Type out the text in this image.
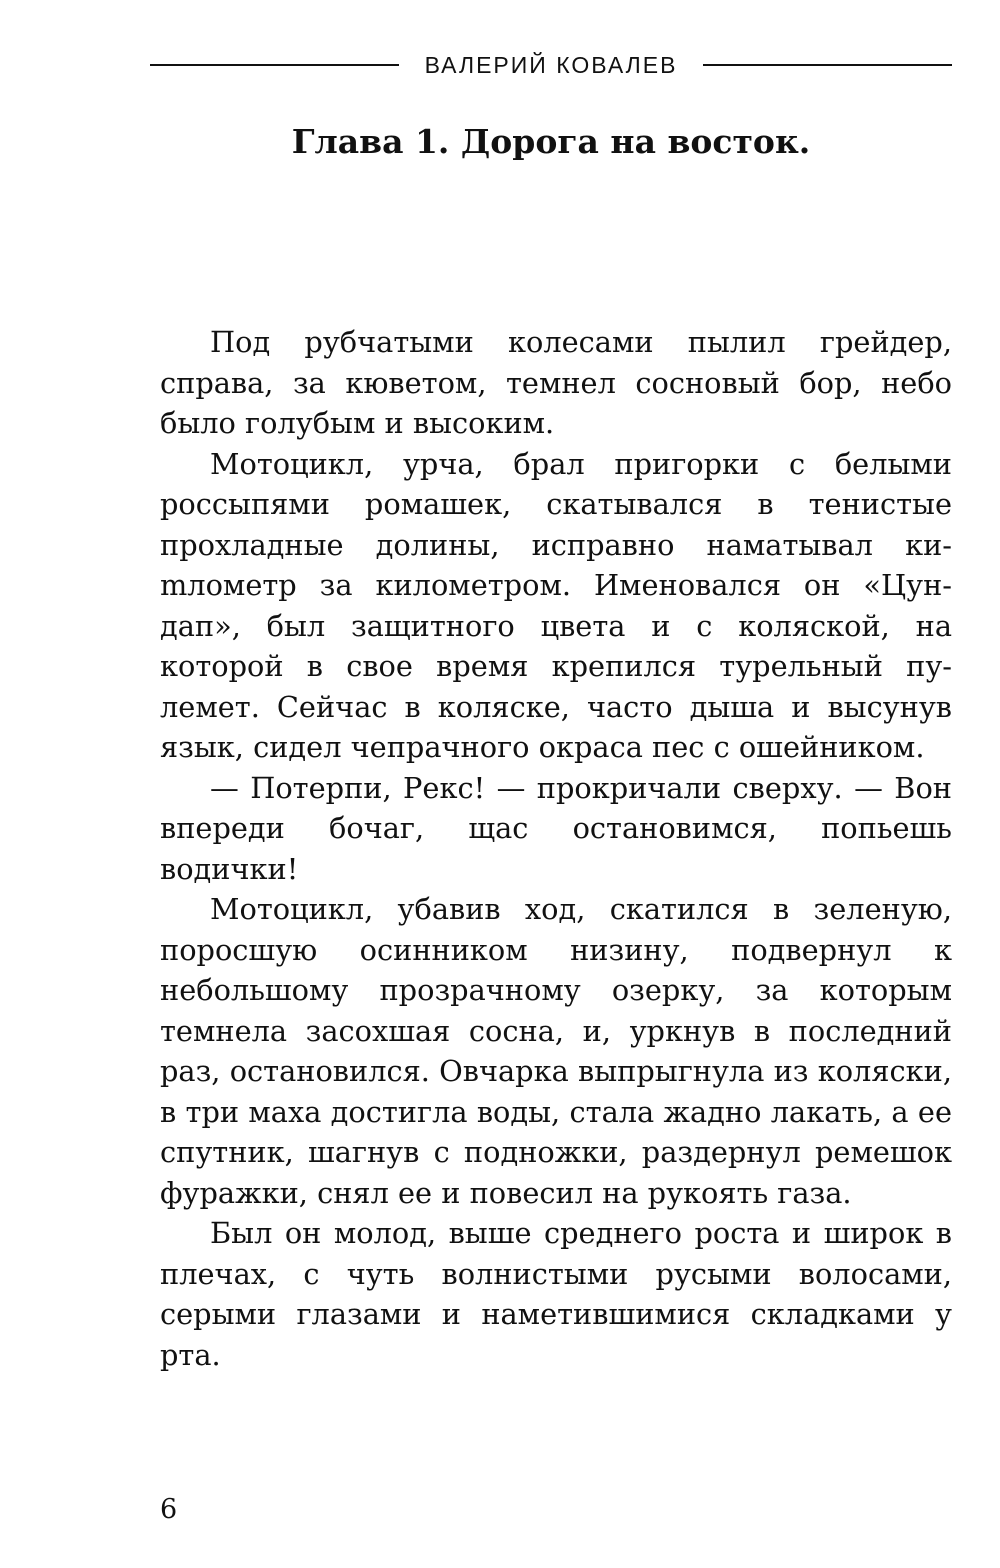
ВАЛЕРИЙ КОВАЛЕВ
Глава 1. Дорога на восток.

Под рубчатыми колесами пылил грейдер, справа, за кюветом, темнел сосновый бор, небо было голубым и высоким.

Мотоцикл, урча, брал пригорки с белыми россыпями ромашек, скатывался в тенистые прохладные долины, исправно наматывал киmлометр за километром. Именовался он «Цундап», был защитного цвета и с коляской, на которой в свое время крепился турельный пулемет. Сейчас в коляске, часто дыша и высунув язык, сидел чепрачного окраса пес с ошейником.

— Потерпи, Рекс! — прокричали сверху. — Вон впереди бочаг, щас остановимся, попьешь водички!

Мотоцикл, убавив ход, скатился в зеленую, поросшую осинником низину, подвернул к небольшому прозрачному озерку, за которым темнела засохшая сосна, и, уркнув в последний раз, остановился. Овчарка выпрыгнула из коляски, в три маха достигла воды, стала жадно лакать, а ее спутник, шагнув с подножки, раздернул ремешок фуражки, снял ее и повесил на рукоять газа.

Был он молод, выше среднего роста и широк в плечах, с чуть волнистыми русыми волосами, серыми глазами и наметившимися складками у рта.

6
